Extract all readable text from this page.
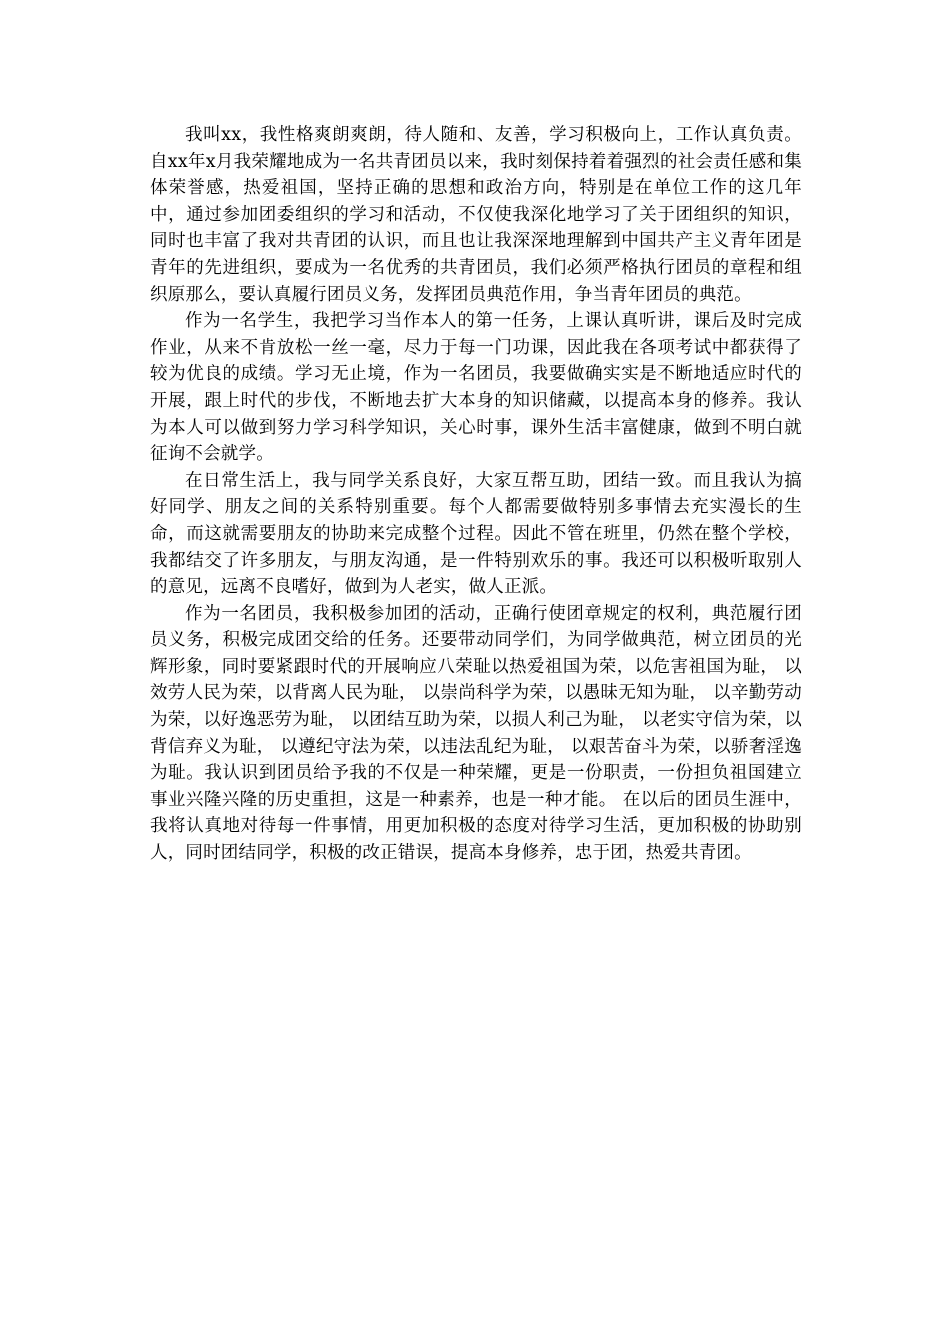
我叫xx，我性格爽朗爽朗，待人随和、友善，学习积极向上，工作认真负责。自xx年x月我荣耀地成为一名共青团员以来，我时刻保持着着强烈的社会责任感和集体荣誉感，热爱祖国，坚持正确的思想和政治方向，特别是在单位工作的这几年中，通过参加团委组织的学习和活动，不仅使我深化地学习了关于团组织的知识，同时也丰富了我对共青团的认识，而且也让我深深地理解到中国共产主义青年团是青年的先进组织，要成为一名优秀的共青团员，我们必须严格执行团员的章程和组织原那么，要认真履行团员义务，发挥团员典范作用，争当青年团员的典范。

作为一名学生，我把学习当作本人的第一任务，上课认真听讲，课后及时完成作业，从来不肯放松一丝一毫，尽力于每一门功课，因此我在各项考试中都获得了较为优良的成绩。学习无止境，作为一名团员，我要做确实实是不断地适应时代的开展，跟上时代的步伐，不断地去扩大本身的知识储藏，以提高本身的修养。我认为本人可以做到努力学习科学知识，关心时事，课外生活丰富健康，做到不明白就征询不会就学。

在日常生活上，我与同学关系良好，大家互帮互助，团结一致。而且我认为搞好同学、朋友之间的关系特别重要。每个人都需要做特别多事情去充实漫长的生命，而这就需要朋友的协助来完成整个过程。因此不管在班里，仍然在整个学校，我都结交了许多朋友，与朋友沟通，是一件特别欢乐的事。我还可以积极听取别人的意见，远离不良嗜好，做到为人老实，做人正派。

作为一名团员，我积极参加团的活动，正确行使团章规定的权利，典范履行团员义务，积极完成团交给的任务。还要带动同学们，为同学做典范，树立团员的光辉形象，同时要紧跟时代的开展响应八荣耻以热爱祖国为荣，以危害祖国为耻， 以效劳人民为荣，以背离人民为耻， 以崇尚科学为荣，以愚昧无知为耻， 以辛勤劳动为荣，以好逸恶劳为耻， 以团结互助为荣，以损人利己为耻， 以老实守信为荣，以背信弃义为耻， 以遵纪守法为荣，以违法乱纪为耻， 以艰苦奋斗为荣，以骄奢淫逸为耻。我认识到团员给予我的不仅是一种荣耀，更是一份职责，一份担负祖国建立事业兴隆兴隆的历史重担，这是一种素养，也是一种才能。 在以后的团员生涯中，我将认真地对待每一件事情，用更加积极的态度对待学习生活，更加积极的协助别人，同时团结同学，积极的改正错误，提高本身修养，忠于团，热爱共青团。
